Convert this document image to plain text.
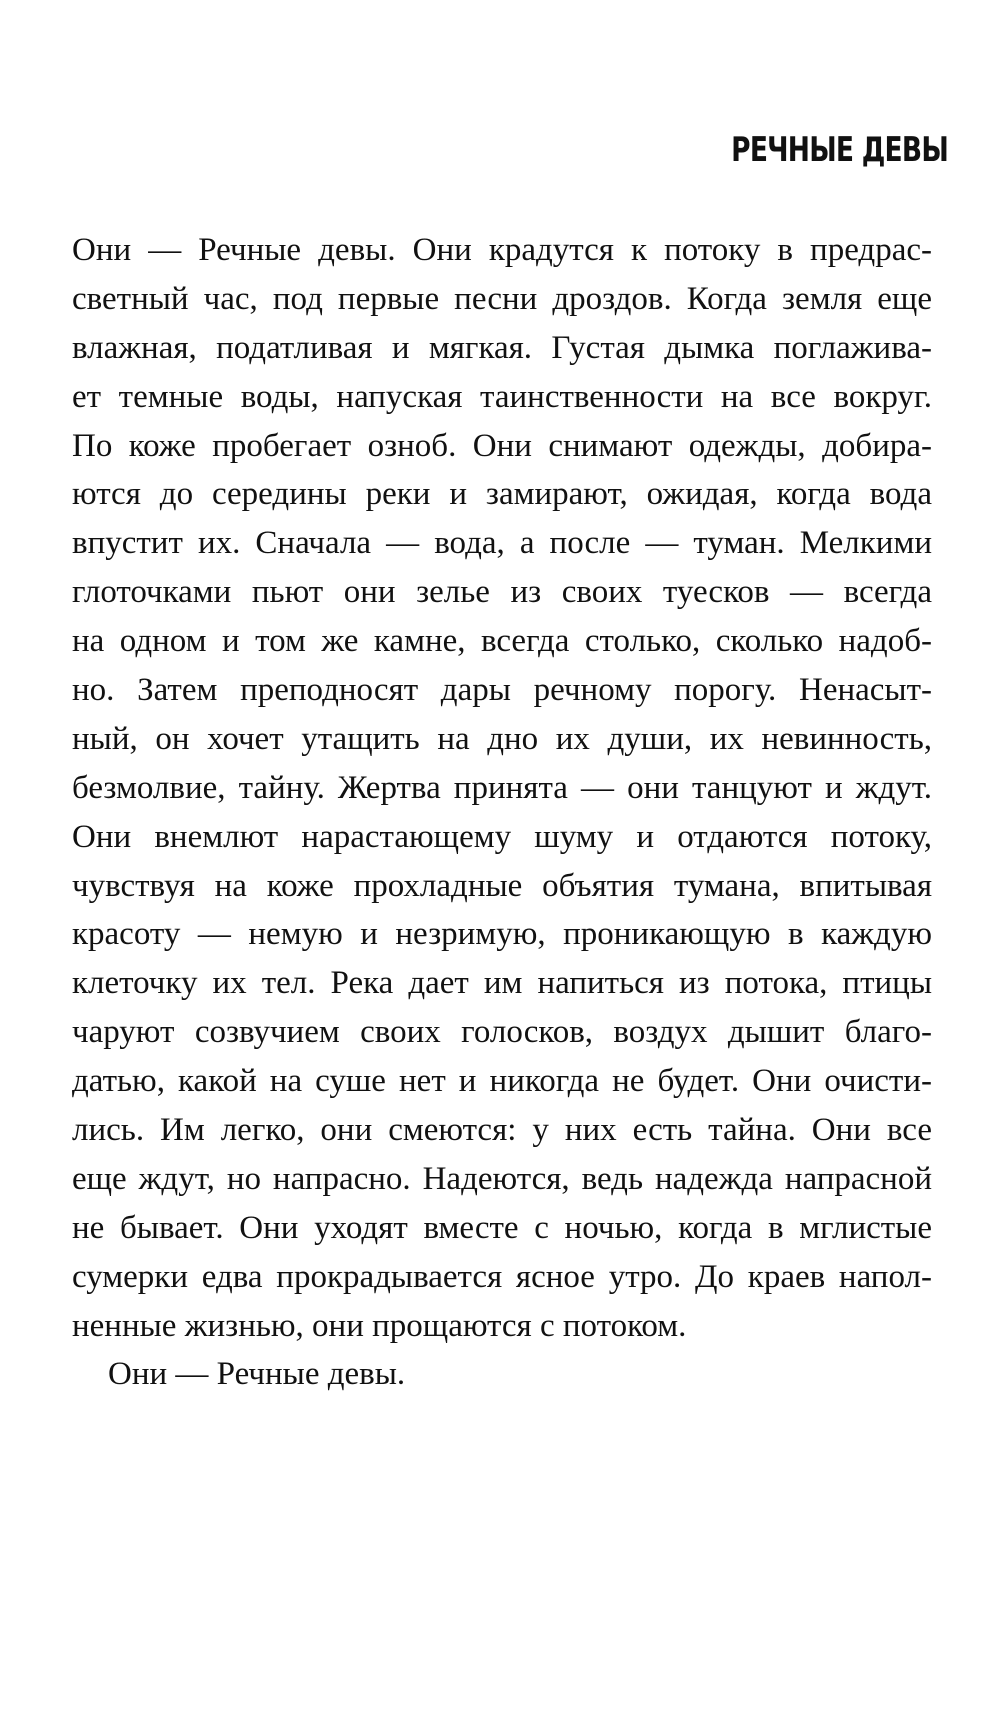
РЕЧНЫЕ ДЕВЫ
Они — Речные девы. Они крадутся к потоку в предрас-
светный час, под первые песни дроздов. Когда земля еще
влажная, податливая и мягкая. Густая дымка поглажива-
ет темные воды, напуская таинственности на все вокруг.
По коже пробегает озноб. Они снимают одежды, добира-
ются до середины реки и замирают, ожидая, когда вода
впустит их. Сначала — вода, а после — туман. Мелкими
глоточками пьют они зелье из своих туесков — всегда
на одном и том же камне, всегда столько, сколько надоб-
но. Затем преподносят дары речному порогу. Ненасыт-
ный, он хочет утащить на дно их души, их невинность,
безмолвие, тайну. Жертва принята — они танцуют и ждут.
Они внемлют нарастающему шуму и отдаются потоку,
чувствуя на коже прохладные объятия тумана, впитывая
красоту — немую и незримую, проникающую в каждую
клеточку их тел. Река дает им напиться из потока, птицы
чаруют созвучием своих голосков, воздух дышит благо-
датью, какой на суше нет и никогда не будет. Они очисти-
лись. Им легко, они смеются: у них есть тайна. Они все
еще ждут, но напрасно. Надеются, ведь надежда напрасной
не бывает. Они уходят вместе с ночью, когда в мглистые
сумерки едва прокрадывается ясное утро. До краев напол-
ненные жизнью, они прощаются с потоком.
Они — Речные девы.
